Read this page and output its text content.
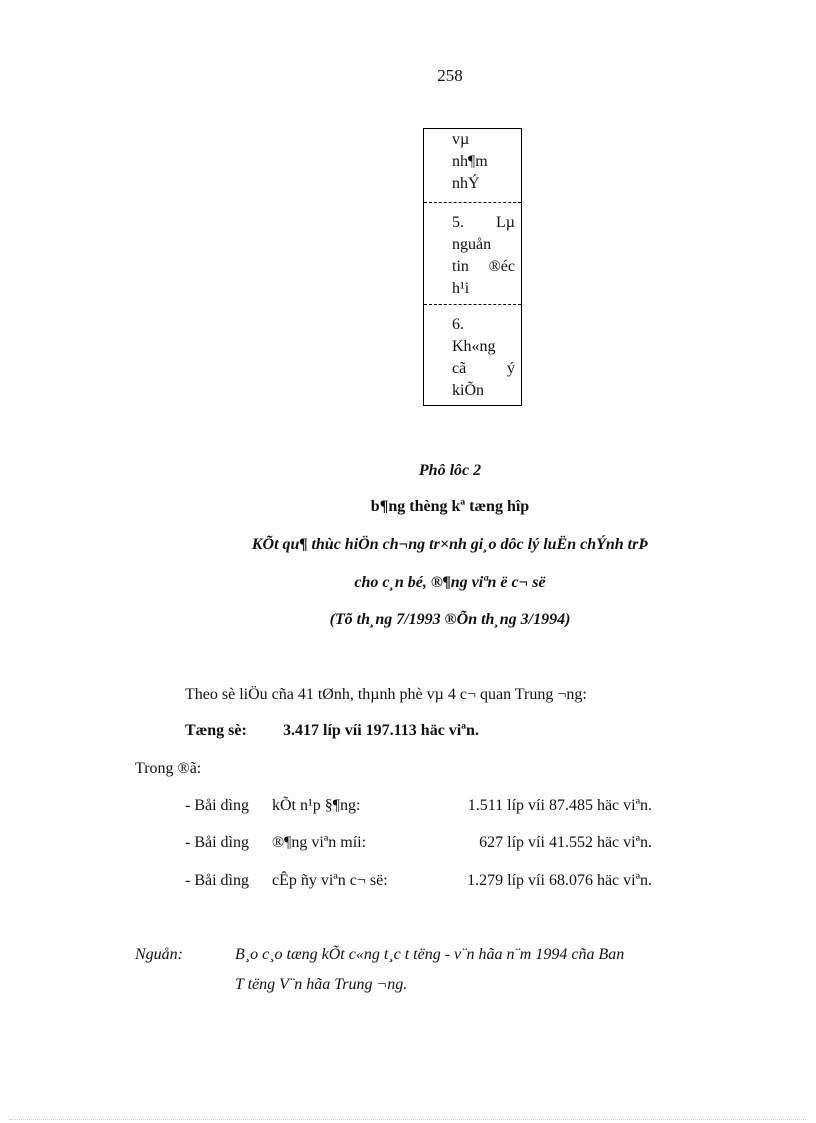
258
vµ
nh¶m
nhÝ
5. Lµ
nguån
tin ®éc
h¹i
6.
Kh«ng
cã	ý
kiÕn
Phô lôc 2
b¶ng thèng kª tæng hîp
KÕt qu¶ thùc hiÖn ch¬ng tr×nh gi¸o dôc lý luËn chÝnh trÞ
cho c¸n bé, ®¶ng viªn ë c¬ së
(Tõ th¸ng 7/1993 ®Õn th¸ng 3/1994)
Theo sè liÖu cña 41 tØnh, thµnh phè vµ 4 c¬ quan Trung ¬ng:
Tæng sè: 3.417 líp víi 197.113 häc viªn.
Trong ®ã:
- Båi dìng kÕt n¹p §¶ng:	1.511 líp víi 87.485 häc viªn.
- Båi dìng ®¶ng viªn míi:	627 líp víi 41.552 häc viªn.
- Båi dìng cÊp ñy viªn c¬ së:	1.279 líp víi 68.076 häc viªn.
Nguån:	B¸o c¸o tæng kÕt c«ng t¸c t tëng - v¨n hãa n¨m 1994 cña Ban
T tëng V¨n hãa Trung ¬ng.
